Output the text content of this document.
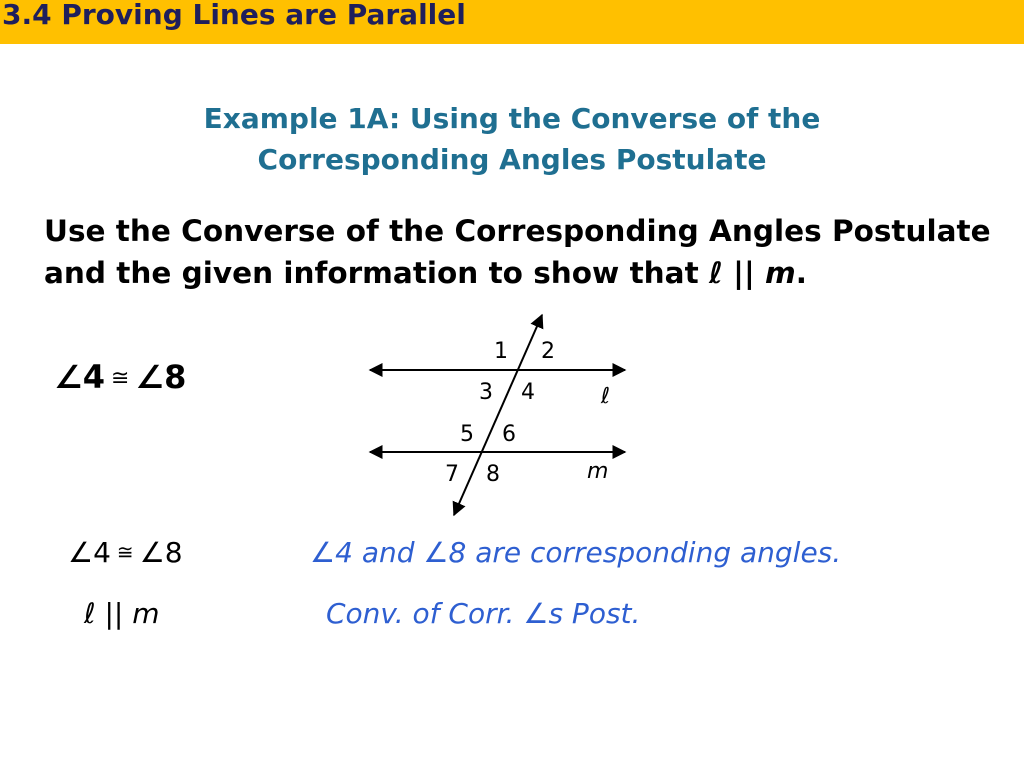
3.4 Proving Lines are Parallel
Example 1A: Using the Converse of the
Corresponding Angles Postulate
Use the Converse of the Corresponding Angles Postulate and the given information to show that ℓ || m.
∠4 ≅ ∠8
1 2
3 4
5 6
7 8
ℓ
m
∠4 ≅ ∠8	∠4 and ∠8 are corresponding angles.
ℓ || m	Conv. of Corr. ∠s Post.
